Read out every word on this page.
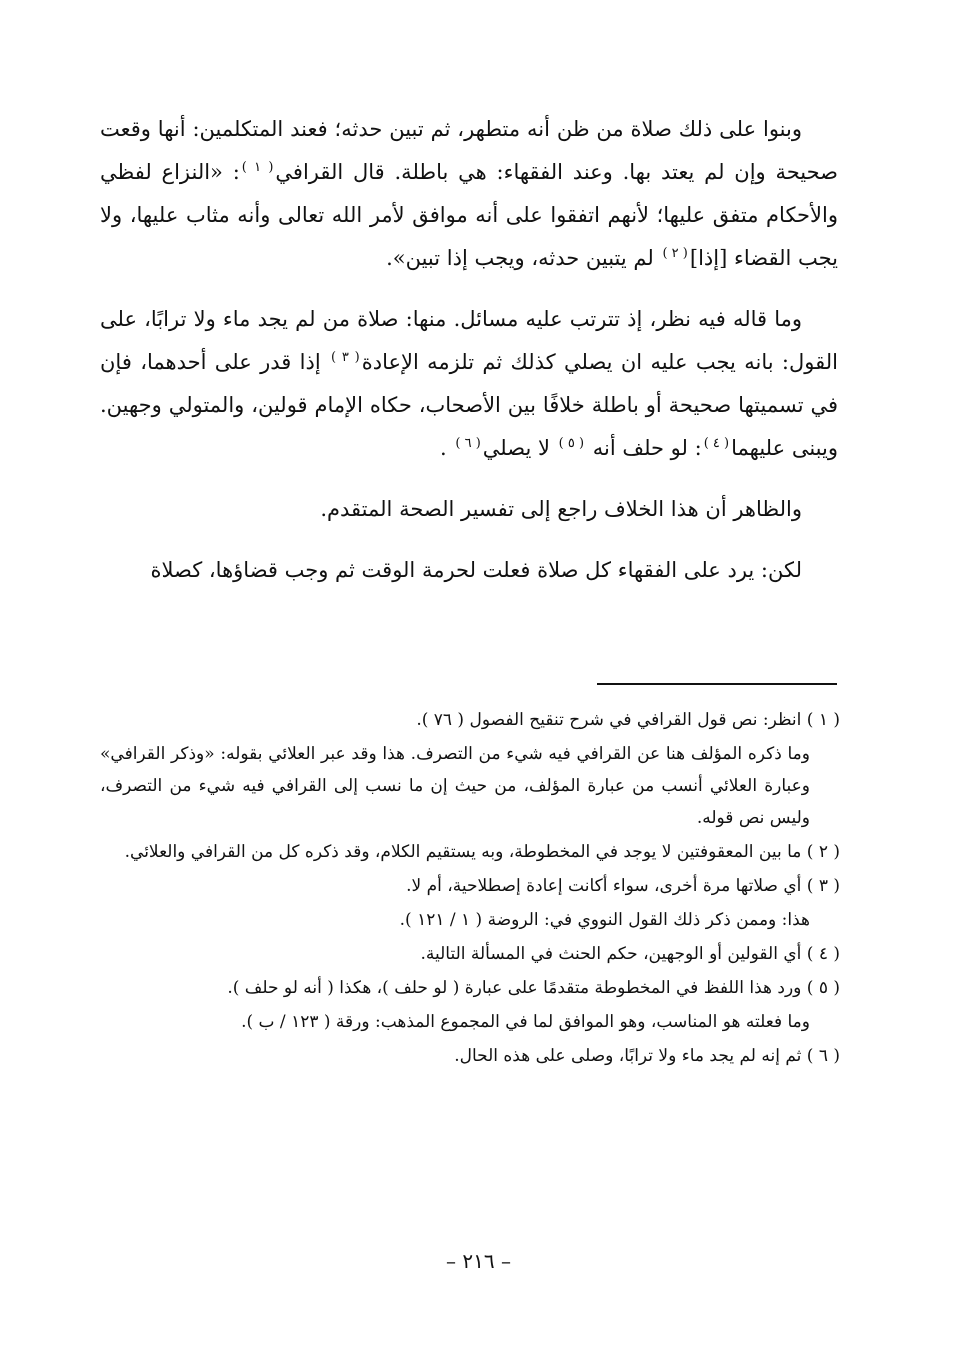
وبنوا على ذلك صلاة من ظن أنه متطهر، ثم تبين حدثه؛ فعند المتكلمين: أنها وقعت صحيحة وإن لم يعتد بها. وعند الفقهاء: هي باطلة. قال القرافي$^{( ١ )}$: «النزاع لفظي والأحكام متفق عليها؛ لأنهم اتفقوا على أنه موافق لأمر الله تعالى وأنه مثاب عليها، ولا يجب القضاء [إذا]$^{( ٢ )}$ لم يتبين حدثه، ويجب إذا تبين».

وما قاله فيه نظر، إذ تترتب عليه مسائل. منها: صلاة من لم يجد ماء ولا ترابًا، على القول: بانه يجب عليه ان يصلي كذلك ثم تلزمه الإعادة$^{( ٣ )}$ إذا قدر على أحدهما، فإن في تسميتها صحيحة أو باطلة خلافًا بين الأصحاب، حكاه الإمام قولين، والمتولي وجهين. ويبنى عليهما$^{( ٤ )}$: لو حلف أنه $^{( ٥ )}$ لا يصلي$^{( ٦ )}$ .

والظاهر أن هذا الخلاف راجع إلى تفسير الصحة المتقدم.

لكن: يرد على الفقهاء كل صلاة فعلت لحرمة الوقت ثم وجب قضاؤها، كصلاة

( ١ ) انظر: نص قول القرافي في شرح تنقيح الفصول ( ٧٦ ).
وما ذكره المؤلف هنا عن القرافي فيه شيء من التصرف. هذا وقد عبر العلائي بقوله: «وذكر القرافي» وعبارة العلائي أنسب من عبارة المؤلف، من حيث إن ما نسب إلى القرافي فيه شيء من التصرف، وليس نص قوله.
( ٢ ) ما بين المعقوفتين لا يوجد في المخطوطة، وبه يستقيم الكلام، وقد ذكره كل من القرافي والعلائي.
( ٣ ) أي صلاتها مرة أخرى، سواء أكانت إعادة إصطلاحية، أم لا.
هذا: وممن ذكر ذلك القول النووي في: الروضة ( ١ / ١٢١ ).
( ٤ ) أي القولين أو الوجهين، حكم الحنث في المسألة التالية.
( ٥ ) ورد هذا اللفظ في المخطوطة متقدمًا على عبارة ( لو حلف )، هكذا ( أنه لو حلف ).
وما فعلته هو المناسب، وهو الموافق لما في المجموع المذهب: ورقة ( ١٢٣ / ب ).
( ٦ ) ثم إنه لم يجد ماء ولا ترابًا، وصلى على هذه الحال.
– ٢١٦ –
